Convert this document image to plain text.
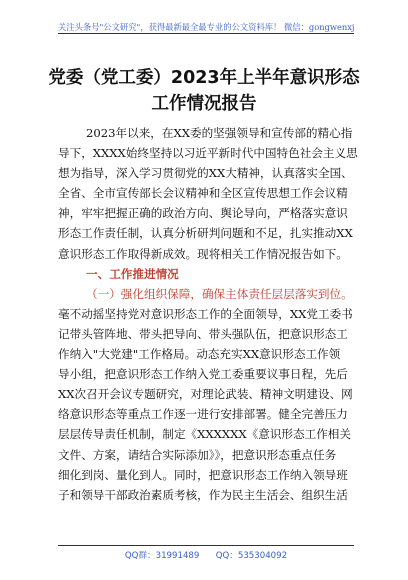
关注头条号"公文研究"，获得最新最全最专业的公文资料库！ 微信：gongwenxj
党委（党工委）2023年上半年意识形态
工作情况报告
2023年以来，在XX委的坚强领导和宣传部的精心指
导下，XXXX始终坚持以习近平新时代中国特色社会主义思
想为指导，深入学习贯彻党的XX大精神，认真落实全国、
全省、全市宣传部长会议精神和全区宣传思想工作会议精
神，牢牢把握正确的政治方向、舆论导向，严格落实意识
形态工作责任制，认真分析研判问题和不足，扎实推动XX
意识形态工作取得新成效。现将相关工作情况报告如下。
一、工作推进情况
（一）强化组织保障，确保主体责任层层落实到位。
毫不动摇坚持党对意识形态工作的全面领导，XX党工委书
记带头管阵地、带头把导向、带头强队伍，把意识形态工
作纳入"大党建"工作格局。动态充实XX意识形态工作领
导小组，把意识形态工作纳入党工委重要议事日程，先后
XX次召开会议专题研究，对理论武装、精神文明建设、网
络意识形态等重点工作逐一进行安排部署。健全完善压力
层层传导责任机制，制定《XXXXXX《意识形态工作相关
文件、方案，请结合实际添加》》，把意识形态重点任务
细化到岗、量化到人。同时，把意识形态工作纳入领导班
子和领导干部政治素质考核，作为民主生活会、组织生活
QQ群：31991489 QQ：535304092
